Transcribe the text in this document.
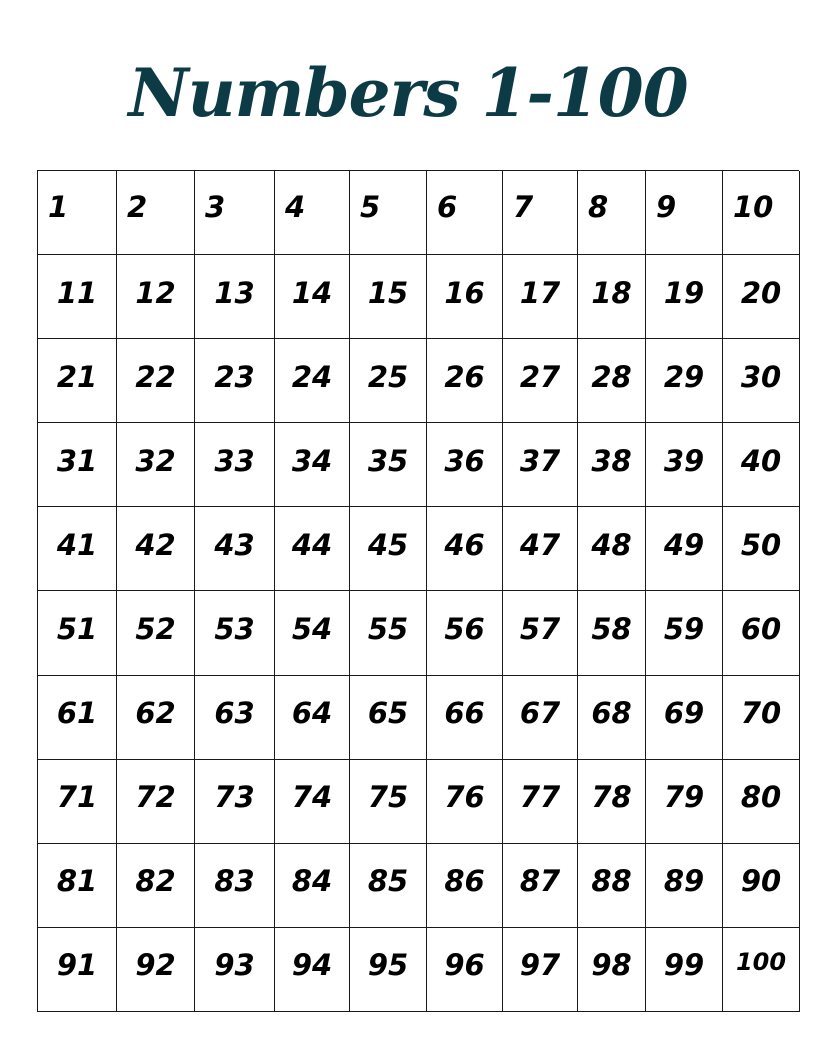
Numbers 1-100
1	2	3	4	5	6	7	8	9	10
11	12	13	14	15	16	17	18	19	20
21	22	23	24	25	26	27	28	29	30
31	32	33	34	35	36	37	38	39	40
41	42	43	44	45	46	47	48	49	50
51	52	53	54	55	56	57	58	59	60
61	62	63	64	65	66	67	68	69	70
71	72	73	74	75	76	77	78	79	80
81	82	83	84	85	86	87	88	89	90
91	92	93	94	95	96	97	98	99	100
